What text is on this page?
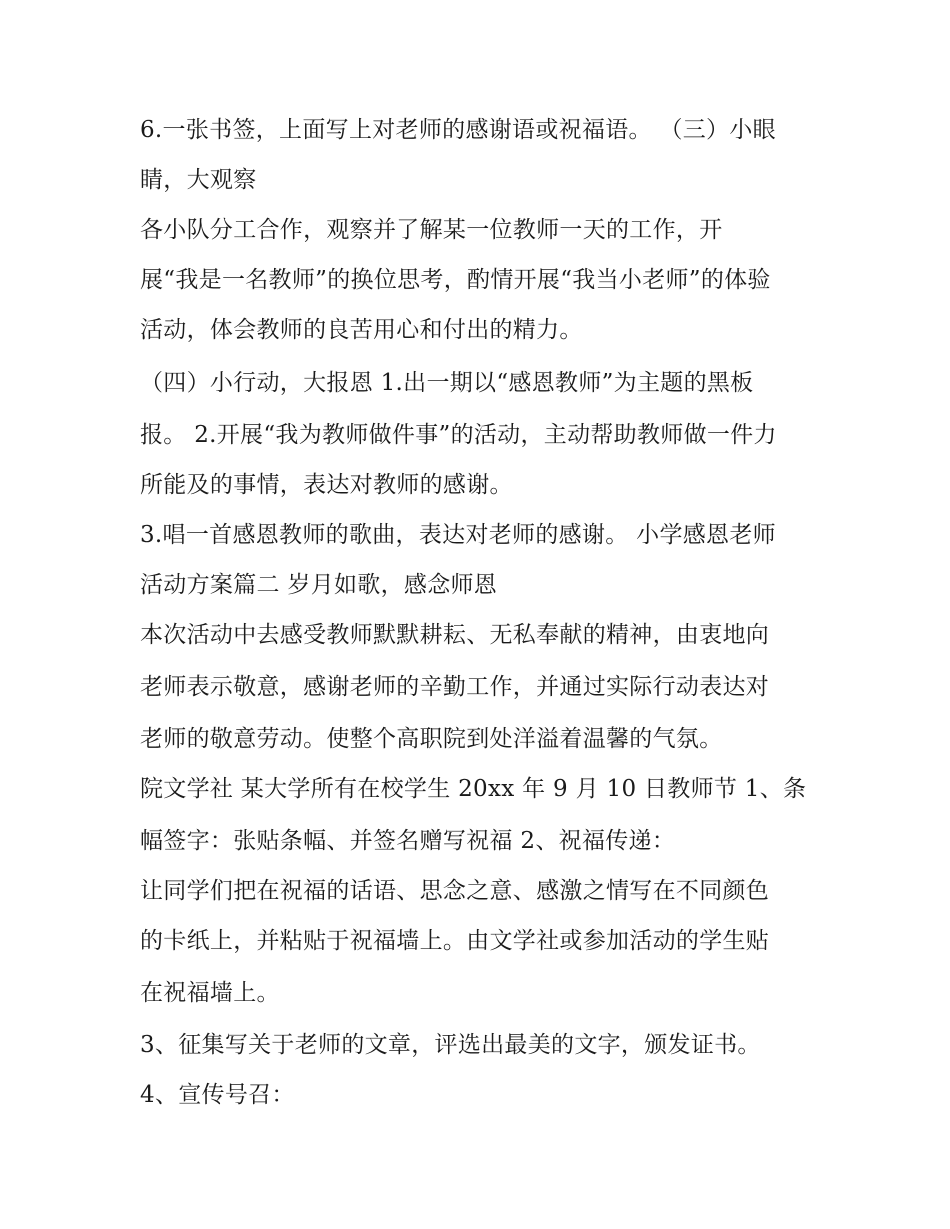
6.一张书签，上面写上对老师的感谢语或祝福语。 （三）小眼
睛，大观察
各小队分工合作，观察并了解某一位教师一天的工作，开
展“我是一名教师”的换位思考，酌情开展“我当小老师”的体验
活动，体会教师的良苦用心和付出的精力。
（四）小行动，大报恩 1.出一期以“感恩教师”为主题的黑板
报。 2.开展“我为教师做件事”的活动，主动帮助教师做一件力
所能及的事情，表达对教师的感谢。
3.唱一首感恩教师的歌曲，表达对老师的感谢。 小学感恩老师
活动方案篇二 岁月如歌，感念师恩
本次活动中去感受教师默默耕耘、无私奉献的精神，由衷地向
老师表示敬意，感谢老师的辛勤工作，并通过实际行动表达对
老师的敬意劳动。使整个高职院到处洋溢着温馨的气氛。
院文学社 某大学所有在校学生 20xx 年 9 月 10 日教师节 1、条
幅签字：张贴条幅、并签名赠写祝福 2、祝福传递：
让同学们把在祝福的话语、思念之意、感激之情写在不同颜色
的卡纸上，并粘贴于祝福墙上。由文学社或参加活动的学生贴
在祝福墙上。
3、征集写关于老师的文章，评选出最美的文字，颁发证书。
4、宣传号召：
